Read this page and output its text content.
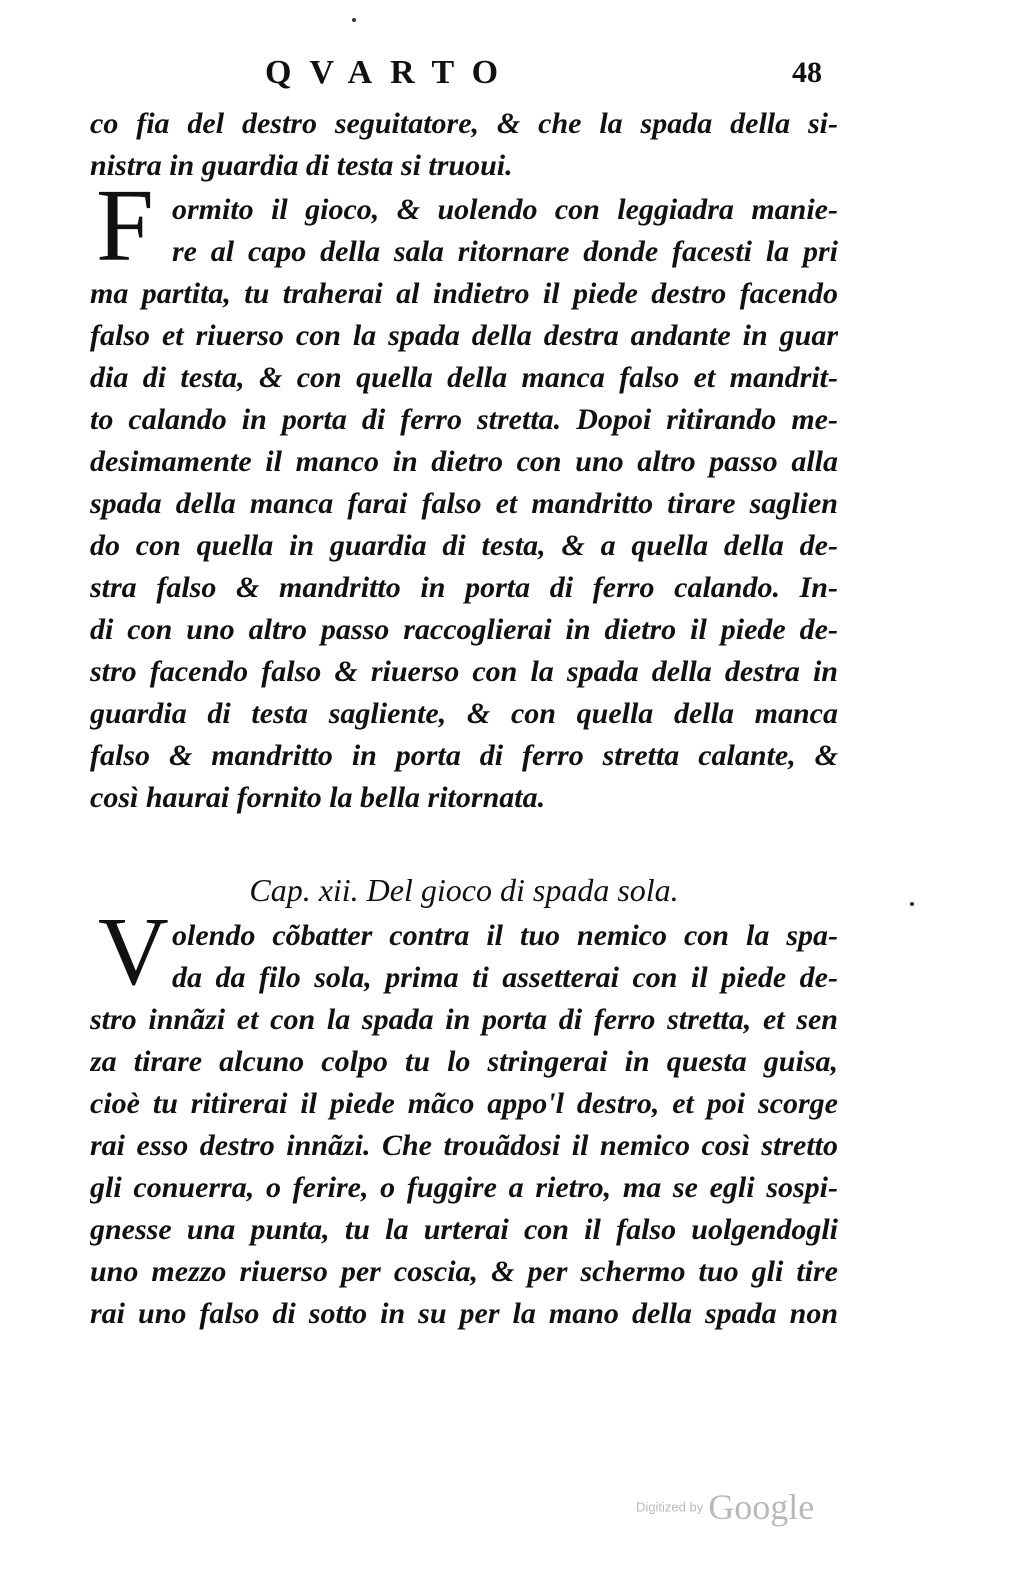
QVARTO	48

co fia del destro seguitatore, & che la spada della si-

nistra in guardia di testa si truoui.

F ormito il gioco, & uolendo con leggiadra manie-

re al capo della sala ritornare donde facesti la pri

ma partita, tu traherai al indietro il piede destro facendo

falso et riuerso con la spada della destra andante in guar

dia di testa, & con quella della manca falso et mandrit-

to calando in porta di ferro stretta. Dopoi ritirando me-

desimamente il manco in dietro con uno altro passo alla

spada della manca farai falso et mandritto tirare saglien

do con quella in guardia di testa, & a quella della de-

stra falso & mandritto in porta di ferro calando. In-

di con uno altro passo raccoglierai in dietro il piede de-

stro facendo falso & riuerso con la spada della destra in

guardia di testa sagliente, & con quella della manca

falso & mandritto in porta di ferro stretta calante, &

così haurai fornito la bella ritornata.

Cap. xii. Del gioco di spada sola.
V olendo cõbatter contra il tuo nemico con la spa-

da da filo sola, prima ti assetterai con il piede de-

stro innãzi et con la spada in porta di ferro stretta, et sen

za tirare alcuno colpo tu lo stringerai in questa guisa,

cioè tu ritirerai il piede mãco appo'l destro, et poi scorge

rai esso destro innãzi. Che trouãdosi il nemico così stretto

gli conuerra, o ferire, o fuggire a rietro, ma se egli sospi-

gnesse una punta, tu la urterai con il falso uolgendogli

uno mezzo riuerso per coscia, & per schermo tuo gli tire

rai uno falso di sotto in su per la mano della spada non

Digitized by Google
